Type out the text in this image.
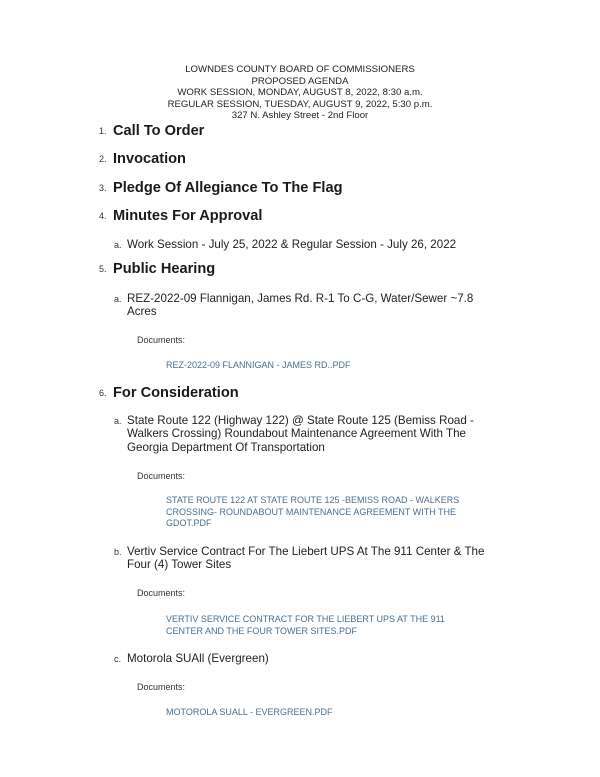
LOWNDES COUNTY BOARD OF COMMISSIONERS
PROPOSED AGENDA
WORK SESSION, MONDAY, AUGUST 8, 2022, 8:30 a.m.
REGULAR SESSION, TUESDAY, AUGUST 9, 2022, 5:30 p.m.
327 N. Ashley Street - 2nd Floor
1. Call To Order
2. Invocation
3. Pledge Of Allegiance To The Flag
4. Minutes For Approval
a. Work Session - July 25, 2022 & Regular Session - July 26, 2022
5. Public Hearing
a. REZ-2022-09 Flannigan, James Rd. R-1 To C-G, Water/Sewer ~7.8 Acres
Documents:
REZ-2022-09 FLANNIGAN - JAMES RD..PDF
6. For Consideration
a. State Route 122 (Highway 122) @ State Route 125 (Bemiss Road - Walkers Crossing) Roundabout Maintenance Agreement With The Georgia Department Of Transportation
Documents:
STATE ROUTE 122 AT STATE ROUTE 125 -BEMISS ROAD - WALKERS CROSSING- ROUNDABOUT MAINTENANCE AGREEMENT WITH THE GDOT.PDF
b. Vertiv Service Contract For The Liebert UPS At The 911 Center & The Four (4) Tower Sites
Documents:
VERTIV SERVICE CONTRACT FOR THE LIEBERT UPS AT THE 911 CENTER AND THE FOUR TOWER SITES.PDF
c. Motorola SUAll (Evergreen)
Documents:
MOTOROLA SUALL - EVERGREEN.PDF
